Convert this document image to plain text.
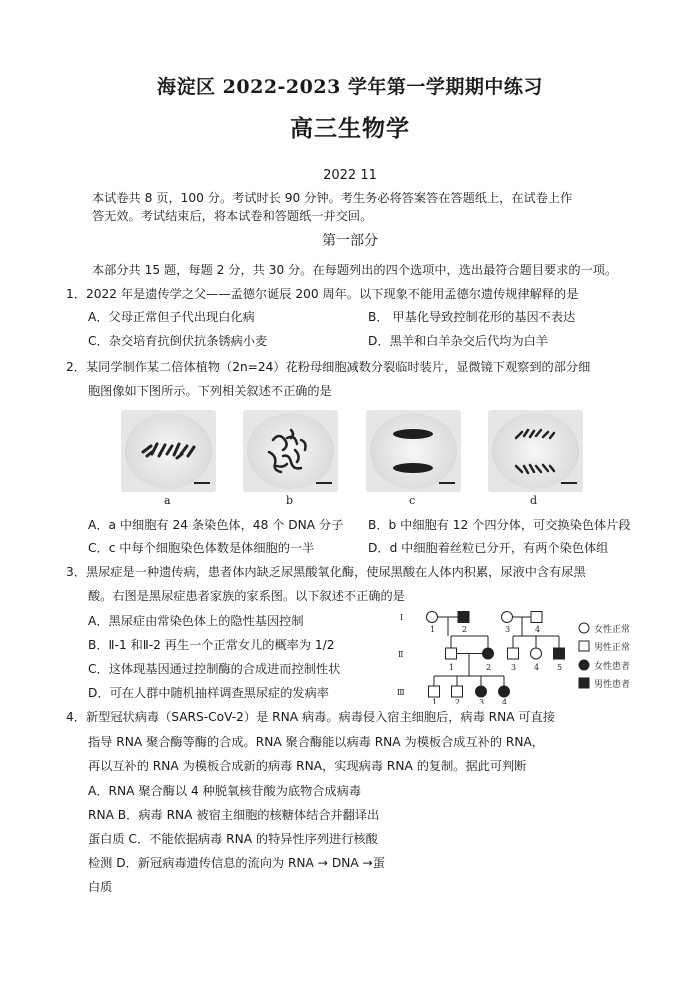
海淀区 2022-2023 学年第一学期期中练习
高三生物学
2022 11
本试卷共 8 页，100 分。考试时长 90 分钟。考生务必将答案答在答题纸上，在试卷上作
答无效。考试结束后，将本试卷和答题纸一并交回。
第一部分
本部分共 15 题，每题 2 分，共 30 分。在每题列出的四个选项中，选出最符合题目要求的一项。
1．2022 年是遗传学之父——孟德尔诞辰 200 周年。以下现象不能用孟德尔遗传规律解释的是
A．父母正常但子代出现白化病	B． 甲基化导致控制花形的基因不表达
C．杂交培育抗倒伏抗条锈病小麦	D．黑羊和白羊杂交后代均为白羊
2．某同学制作某二倍体植物（2n=24）花粉母细胞减数分裂临时装片，显微镜下观察到的部分细
胞图像如下图所示。下列相关叙述不正确的是
a	b	c	d
A．a 中细胞有 24 条染色体，48 个 DNA 分子 B．b 中细胞有 12 个四分体，可交换染色体片段
C．c 中每个细胞染色体数是体细胞的一半	D．d 中细胞着丝粒已分开，有两个染色体组
3．黑尿症是一种遗传病，患者体内缺乏尿黑酸氧化酶，使尿黑酸在人体内积累，尿液中含有尿黑
酸。右图是黑尿症患者家族的家系图。以下叙述不正确的是
A．黑尿症由常染色体上的隐性基因控制
B．Ⅱ-1 和Ⅱ-2 再生一个正常女儿的概率为 1/2
C．这体现基因通过控制酶的合成进而控制性状
D．可在人群中随机抽样调查黑尿症的发病率
Ⅰ
Ⅱ
Ⅲ
1	2	3	4
1	2 3 4 5
1 2 3 4
女性正常
男性正常
女性患者
男性患者
4．新型冠状病毒（SARS-CoV-2）是 RNA 病毒。病毒侵入宿主细胞后，病毒 RNA 可直接
指导 RNA 聚合酶等酶的合成。RNA 聚合酶能以病毒 RNA 为模板合成互补的 RNA，
再以互补的 RNA 为模板合成新的病毒 RNA，实现病毒 RNA 的复制。据此可判断
A．RNA 聚合酶以 4 种脱氧核苷酸为底物合成病毒
RNA B．病毒 RNA 被宿主细胞的核糖体结合并翻译出
蛋白质 C．不能依据病毒 RNA 的特异性序列进行核酸
检测 D．新冠病毒遗传信息的流向为 RNA → DNA →蛋
白质
